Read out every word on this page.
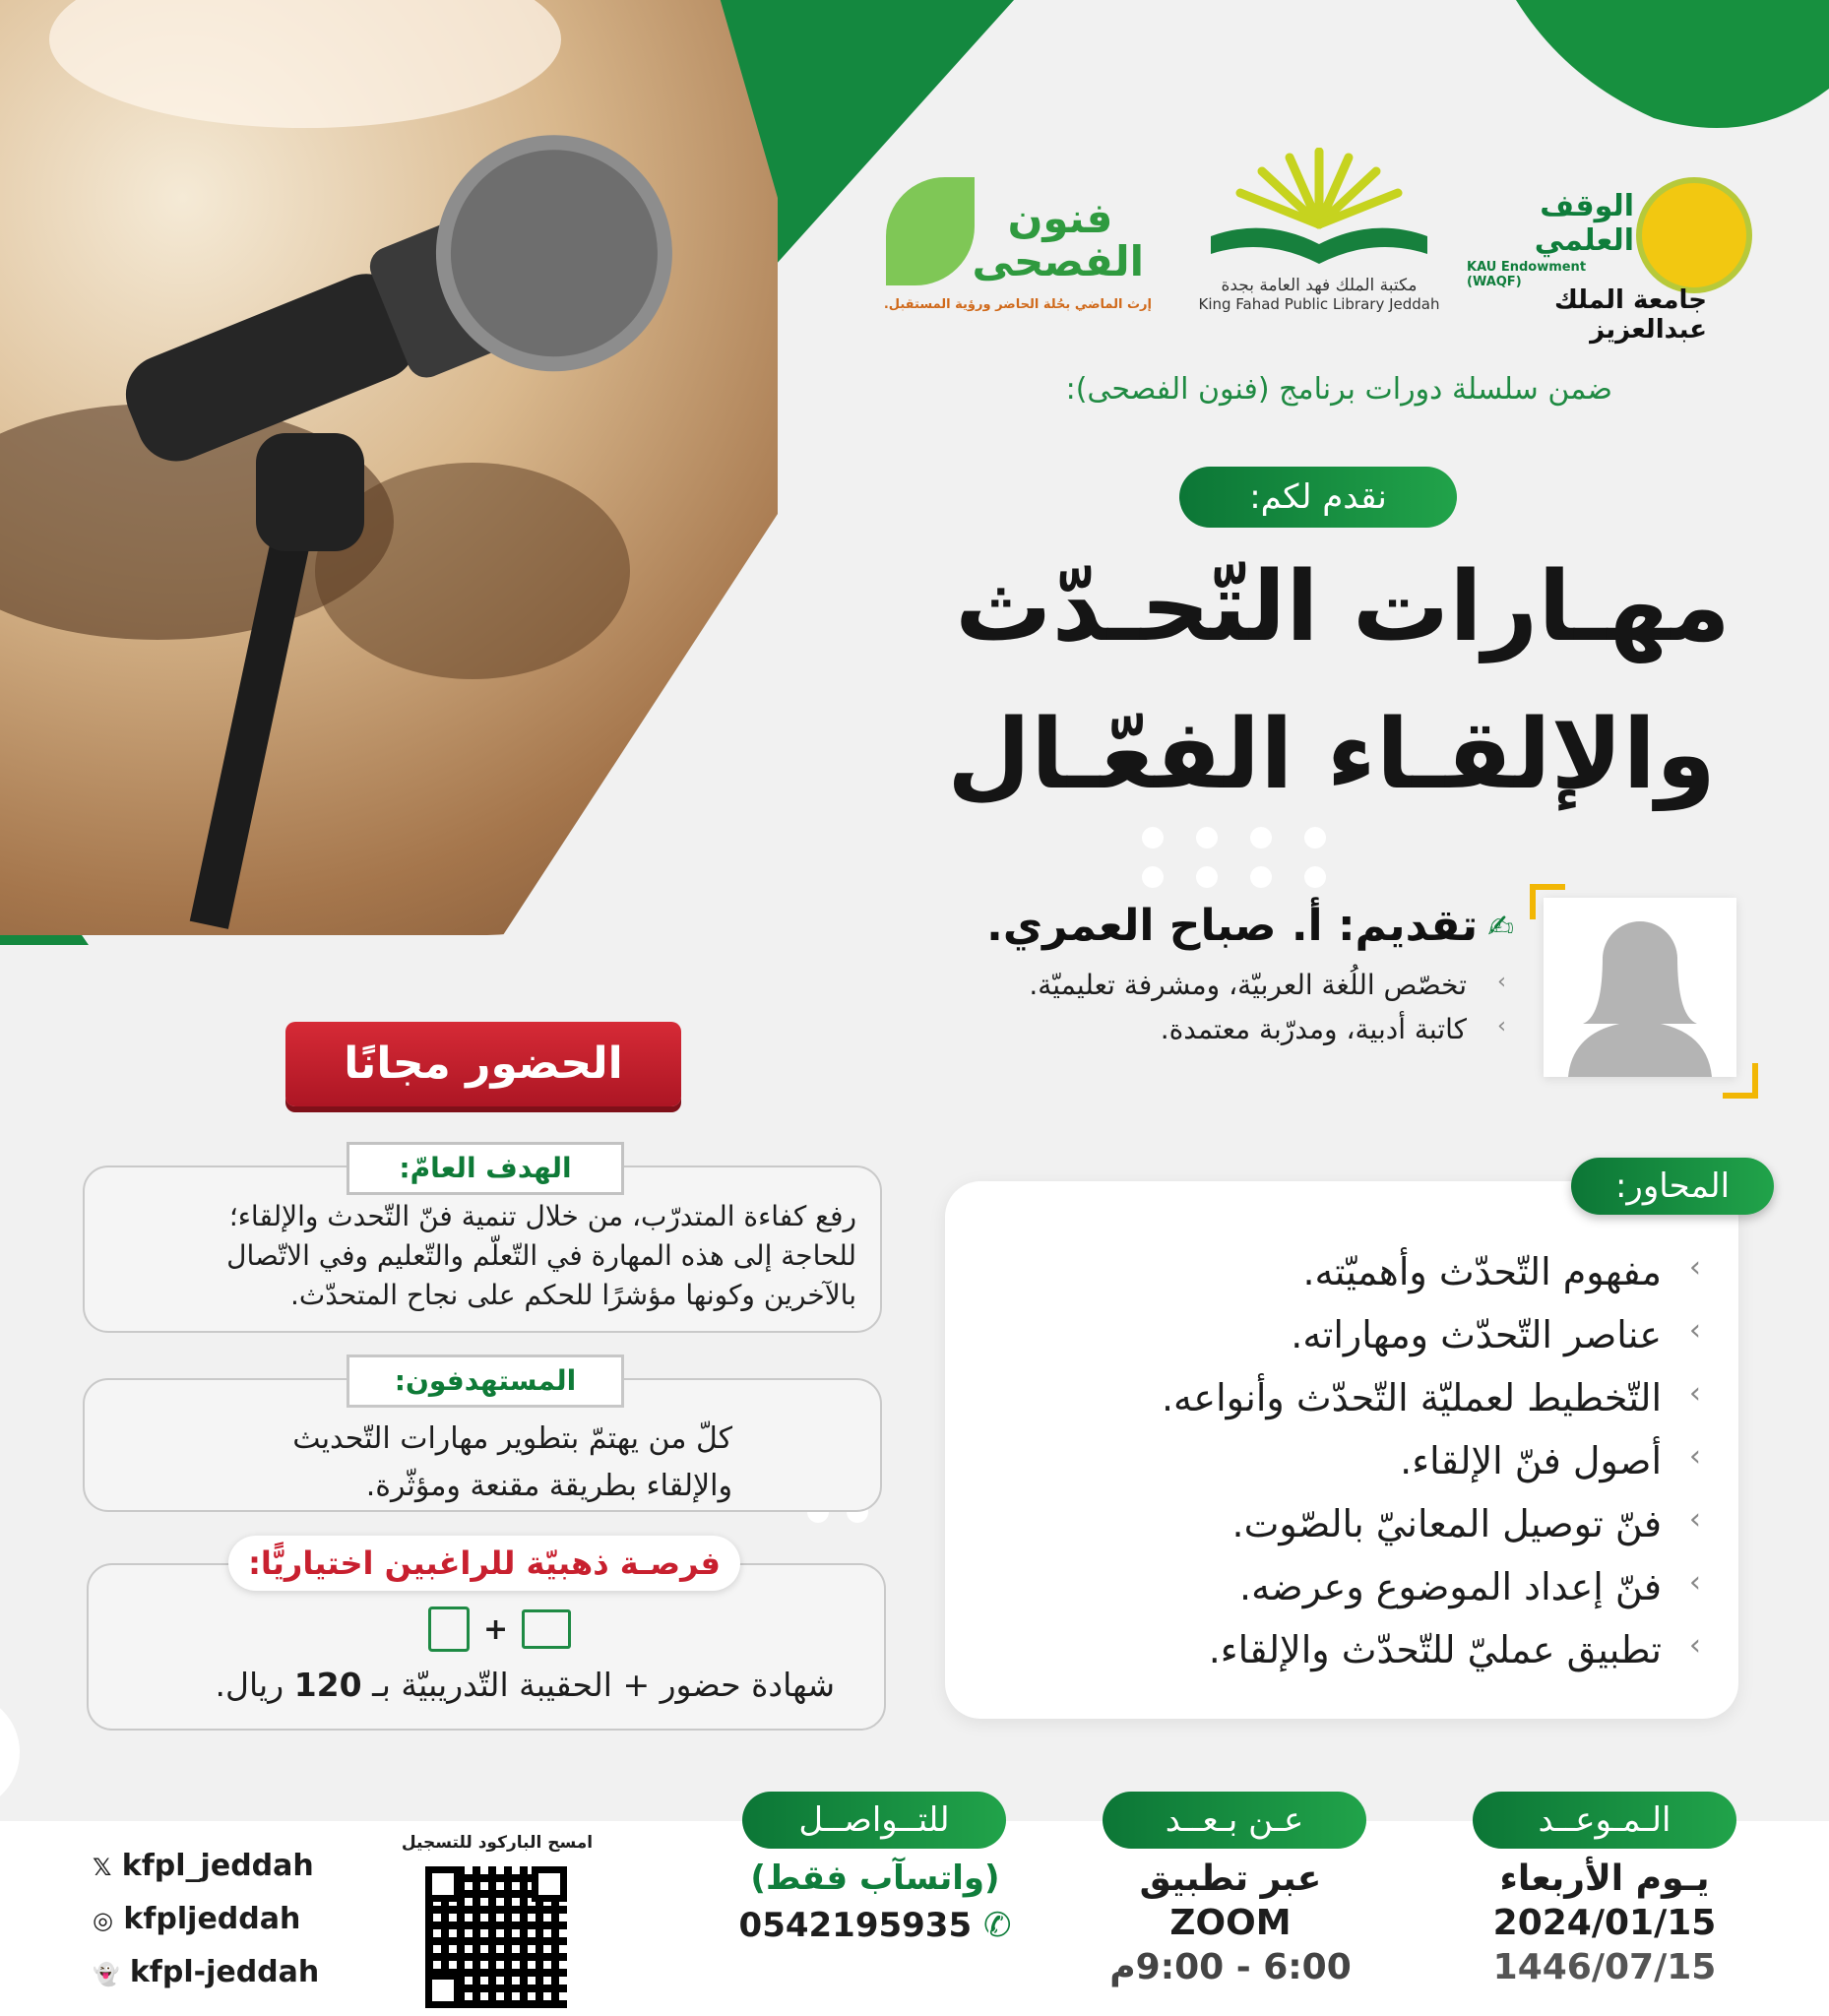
الوقف العلمي
KAU Endowment (WAQF)
جامعة الملك عبدالعزيز
مكتبة الملك فهد العامة بجدة
King Fahad Public Library Jeddah
فنون الفصحى
إرث الماضي بحُلة الحاضر ورؤية المستقبل.
ضمن سلسلة دورات برنامج (فنون الفصحى):
نقدم لكم:
مهـارات التّحـدّث
والإلقـاء الفعّـال
✍
تقديم: أ. صباح العمري.
› تخصّص اللُغة العربيّة، ومشرفة تعليميّة.
› كاتبة أدبية، ومدرّبة معتمدة.
الحضور مجانًا
رفع كفاءة المتدرّب، من خلال تنمية فنّ التّحدث والإلقاء؛
للحاجة إلى هذه المهارة في التّعلّم والتّعليم وفي الاتّصال
بالآخرين وكونها مؤشرًا للحكم على نجاح المتحدّث.
الهدف العامّ:
كلّ من يهتمّ بتطوير مهارات التّحديث
والإلقاء بطريقة مقنعة ومؤثّرة.
المستهدفون:
+
شهادة حضور + الحقيبة التّدريبيّة بـ 120 ريال.
فرصـة ذهبيّة للراغبين اختياريًّا:
› مفهوم التّحدّث وأهميّته.
› عناصر التّحدّث ومهاراته.
› التّخطيط لعمليّة التّحدّث وأنواعه.
› أصول فنّ الإلقاء.
› فنّ توصيل المعانيّ بالصّوت.
› فنّ إعداد الموضوع وعرضه.
› تطبيق عمليّ للتّحدّث والإلقاء.
المحاور:
الـمـوعــد
يـوم الأربعاء
2024/01/15
1446/07/15
عـن بـعــد
عبر تطبيق
ZOOM
6:00 - 9:00م
للتــواصــل
(واتسآب فقط)
0542195935 ✆
امسح الباركود للتسجيل
𝕏 kfpl_jeddah
◎ kfpljeddah
👻 kfpl-jeddah
